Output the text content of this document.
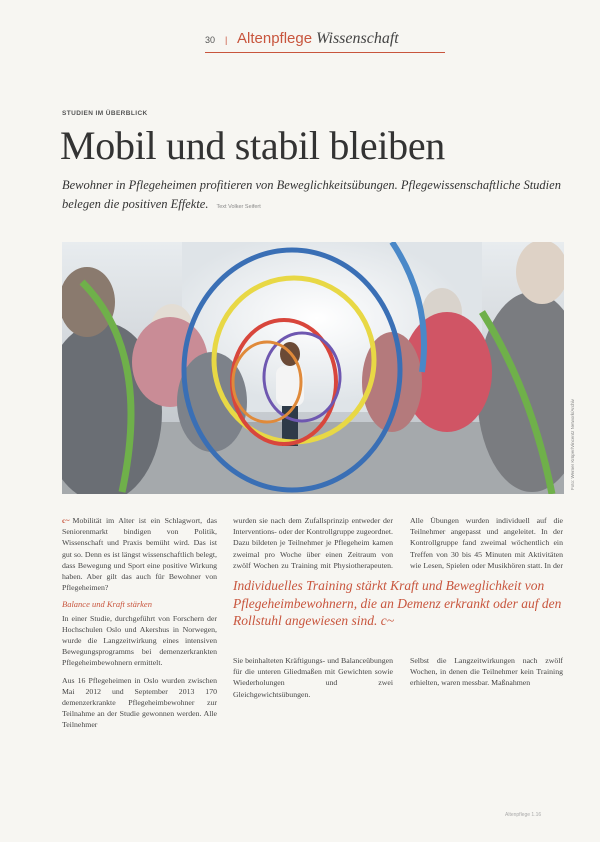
30 | Altenpflege Wissenschaft
STUDIEN IM ÜBERBLICK
Mobil und stabil bleiben
Bewohner in Pflegeheimen profitieren von Beweglichkeitsübungen. Pflegewissenschaftliche Studien belegen die positiven Effekte. Text Volker Seifert
Foto: Werner Krüper/Vincentz Network/Archiv

c~ Mobilität im Alter ist ein Schlagwort, das Seniorenmarkt bindigen von Politik, Wissenschaft und Praxis bemüht wird. Das ist gut so. Denn es ist längst wissenschaftlich belegt, dass Bewegung und Sport eine positive Wirkung haben. Aber gilt das auch für Bewohner von Pflegeheimen?

Balance und Kraft stärken

In einer Studie, durchgeführt von Forschern der Hochschulen Oslo und Akershus in Norwegen, wurde die Langzeitwirkung eines intensiven Bewegungsprogramms bei demenzerkrankten Pflegeheimbewohnern ermittelt.

Aus 16 Pflegeheimen in Oslo wurden zwischen Mai 2012 und September 2013 170 demenzerkrankte Pflegeheimbewohner zur Teilnahme an der Studie gewonnen werden. Alle Teilnehmer

wurden sie nach dem Zufallsprinzip entweder der Interventions- oder der Kontrollgruppe zugeordnet. Dazu bildeten je Teilnehmer je Pflegeheim kamen zweimal pro Woche über einen Zeitraum von zwölf Wochen zu Training mit Physiotherapeuten.

Alle Übungen wurden individuell auf die Teilnehmer angepasst und angeleitet. In der Kontrollgruppe fand zweimal wöchentlich ein Treffen von 30 bis 45 Minuten mit Aktivitäten wie Lesen, Spielen oder Musikhören statt. In der

Individuelles Training stärkt Kraft und Beweglichkeit von Pflegeheimbewohnern, die an Demenz erkrankt oder auf den Rollstuhl angewiesen sind. c~

Sie beinhalteten Kräftigungs- und Balanceübungen für die unteren Gliedmaßen mit Gewichten sowie Wiederholungen und zwei Gleichgewichtsübungen.

Selbst die Langzeitwirkungen nach zwölf Wochen, in denen die Teilnehmer kein Training erhielten, waren messbar. Maßnahmen

Altenpflege 1.16
